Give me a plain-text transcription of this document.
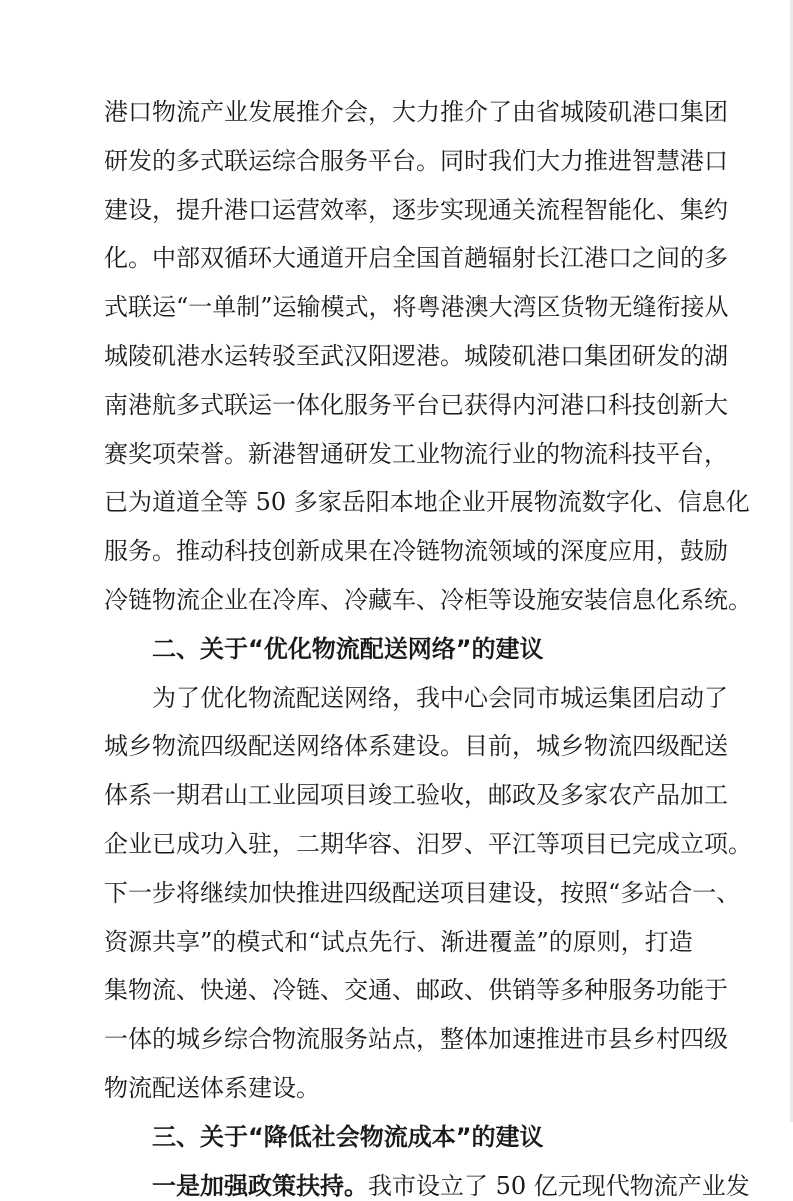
港口物流产业发展推介会，大力推介了由省城陵矶港口集团
研发的多式联运综合服务平台。同时我们大力推进智慧港口
建设，提升港口运营效率，逐步实现通关流程智能化、集约
化。中部双循环大通道开启全国首趟辐射长江港口之间的多
式联运“一单制”运输模式，将粤港澳大湾区货物无缝衔接从
城陵矶港水运转驳至武汉阳逻港。城陵矶港口集团研发的湖
南港航多式联运一体化服务平台已获得内河港口科技创新大
赛奖项荣誉。新港智通研发工业物流行业的物流科技平台，
已为道道全等 50 多家岳阳本地企业开展物流数字化、信息化
服务。推动科技创新成果在冷链物流领域的深度应用，鼓励
冷链物流企业在冷库、冷藏车、冷柜等设施安装信息化系统。
二、关于“优化物流配送网络”的建议
为了优化物流配送网络，我中心会同市城运集团启动了
城乡物流四级配送网络体系建设。目前，城乡物流四级配送
体系一期君山工业园项目竣工验收，邮政及多家农产品加工
企业已成功入驻，二期华容、汨罗、平江等项目已完成立项。
下一步将继续加快推进四级配送项目建设，按照“多站合一、
资源共享”的模式和“试点先行、渐进覆盖”的原则，打造
集物流、快递、冷链、交通、邮政、供销等多种服务功能于
一体的城乡综合物流服务站点，整体加速推进市县乡村四级
物流配送体系建设。
三、关于“降低社会物流成本”的建议
一是加强政策扶持。我市设立了 50 亿元现代物流产业发
